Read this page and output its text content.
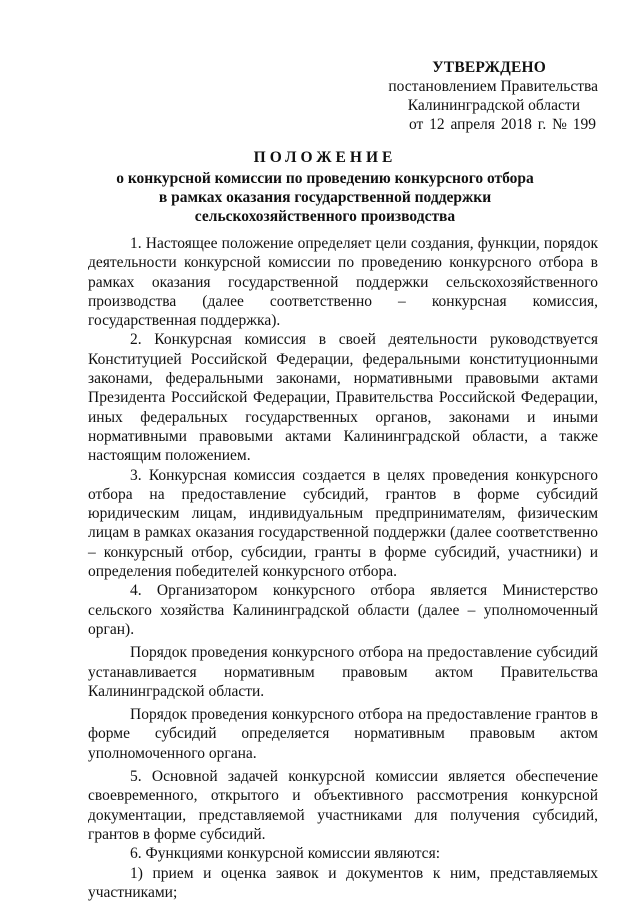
УТВЕРЖДЕНО
постановлением Правительства
Калининградской области
от 12 апреля 2018 г. № 199
ПОЛОЖЕНИЕ
о конкурсной комиссии по проведению конкурсного отбора
в рамках оказания государственной поддержки
сельскохозяйственного производства

1. Настоящее положение определяет цели создания, функции, порядок деятельности конкурсной комиссии по проведению конкурсного отбора в рамках оказания государственной поддержки сельскохозяйственного производства (далее соответственно – конкурсная комиссия, государственная поддержка).

2. Конкурсная комиссия в своей деятельности руководствуется Конституцией Российской Федерации, федеральными конституционными законами, федеральными законами, нормативными правовыми актами Президента Российской Федерации, Правительства Российской Федерации, иных федеральных государственных органов, законами и иными нормативными правовыми актами Калининградской области, а также настоящим положением.

3. Конкурсная комиссия создается в целях проведения конкурсного отбора на предоставление субсидий, грантов в форме субсидий юридическим лицам, индивидуальным предпринимателям, физическим лицам в рамках оказания государственной поддержки (далее соответственно – конкурсный отбор, субсидии, гранты в форме субсидий, участники) и определения победителей конкурсного отбора.

4. Организатором конкурсного отбора является Министерство сельского хозяйства Калининградской области (далее – уполномоченный орган).

Порядок проведения конкурсного отбора на предоставление субсидий устанавливается нормативным правовым актом Правительства Калининградской области.

Порядок проведения конкурсного отбора на предоставление грантов в форме субсидий определяется нормативным правовым актом уполномоченного органа.

5. Основной задачей конкурсной комиссии является обеспечение своевременного, открытого и объективного рассмотрения конкурсной документации, представляемой участниками для получения субсидий, грантов в форме субсидий.

6. Функциями конкурсной комиссии являются:

1) прием и оценка заявок и документов к ним, представляемых участниками;
